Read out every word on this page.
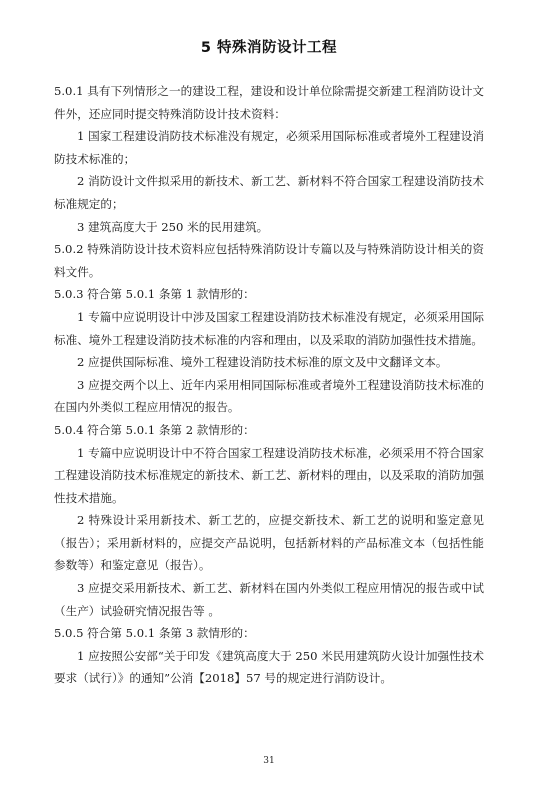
5 特殊消防设计工程

5.0.1 具有下列情形之一的建设工程，建设和设计单位除需提交新建工程消防设计文件外，还应同时提交特殊消防设计技术资料：

1 国家工程建设消防技术标准没有规定，必须采用国际标准或者境外工程建设消防技术标准的；

2 消防设计文件拟采用的新技术、新工艺、新材料不符合国家工程建设消防技术标准规定的；

3 建筑高度大于 250 米的民用建筑。

5.0.2 特殊消防设计技术资料应包括特殊消防设计专篇以及与特殊消防设计相关的资料文件。

5.0.3 符合第 5.0.1 条第 1 款情形的：

1 专篇中应说明设计中涉及国家工程建设消防技术标准没有规定，必须采用国际标准、境外工程建设消防技术标准的内容和理由，以及采取的消防加强性技术措施。

2 应提供国际标准、境外工程建设消防技术标准的原文及中文翻译文本。

3 应提交两个以上、近年内采用相同国际标准或者境外工程建设消防技术标准的在国内外类似工程应用情况的报告。

5.0.4 符合第 5.0.1 条第 2 款情形的：

1 专篇中应说明设计中不符合国家工程建设消防技术标准，必须采用不符合国家工程建设消防技术标准规定的新技术、新工艺、新材料的理由，以及采取的消防加强性技术措施。

2 特殊设计采用新技术、新工艺的，应提交新技术、新工艺的说明和鉴定意见（报告）；采用新材料的，应提交产品说明，包括新材料的产品标准文本（包括性能参数等）和鉴定意见（报告）。

3 应提交采用新技术、新工艺、新材料在国内外类似工程应用情况的报告或中试（生产）试验研究情况报告等 。

5.0.5 符合第 5.0.1 条第 3 款情形的：

1 应按照公安部“关于印发《建筑高度大于 250 米民用建筑防火设计加强性技术要求（试行）》的通知”公消【2018】57 号的规定进行消防设计。

31
